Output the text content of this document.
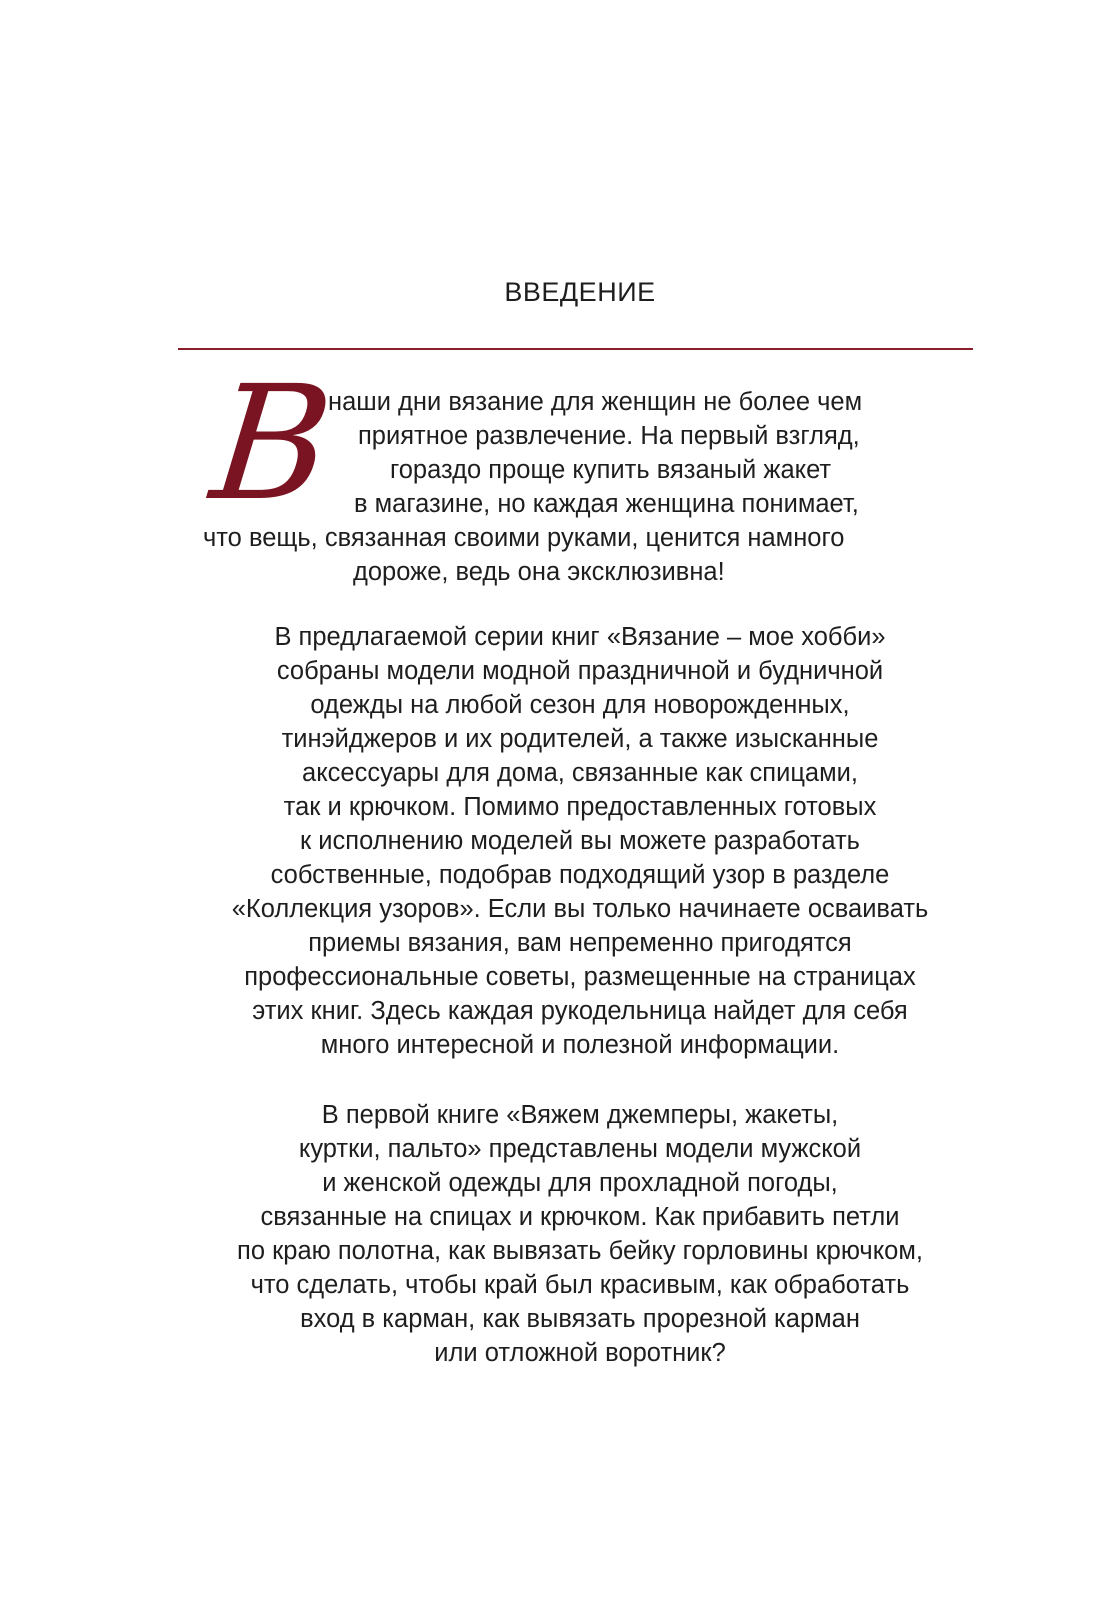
ВВЕДЕНИЕ
В
наши дни вязание для женщин не более чем
приятное развлечение. На первый взгляд,
гораздо проще купить вязаный жакет
в магазине, но каждая женщина понимает,
что вещь, связанная своими руками, ценится намного
дороже, ведь она эксклюзивна!
В предлагаемой серии книг «Вязание – мое хобби»
собраны модели модной праздничной и будничной
одежды на любой сезон для новорожденных,
тинэйджеров и их родителей, а также изысканные
аксессуары для дома, связанные как спицами,
так и крючком. Помимо предоставленных готовых
к исполнению моделей вы можете разработать
собственные, подобрав подходящий узор в разделе
«Коллекция узоров». Если вы только начинаете осваивать
приемы вязания, вам непременно пригодятся
профессиональные советы, размещенные на страницах
этих книг. Здесь каждая рукодельница найдет для себя
много интересной и полезной информации.
В первой книге «Вяжем джемперы, жакеты,
куртки, пальто» представлены модели мужской
и женской одежды для прохладной погоды,
связанные на спицах и крючком. Как прибавить петли
по краю полотна, как вывязать бейку горловины крючком,
что сделать, чтобы край был красивым, как обработать
вход в карман, как вывязать прорезной карман
или отложной воротник?
